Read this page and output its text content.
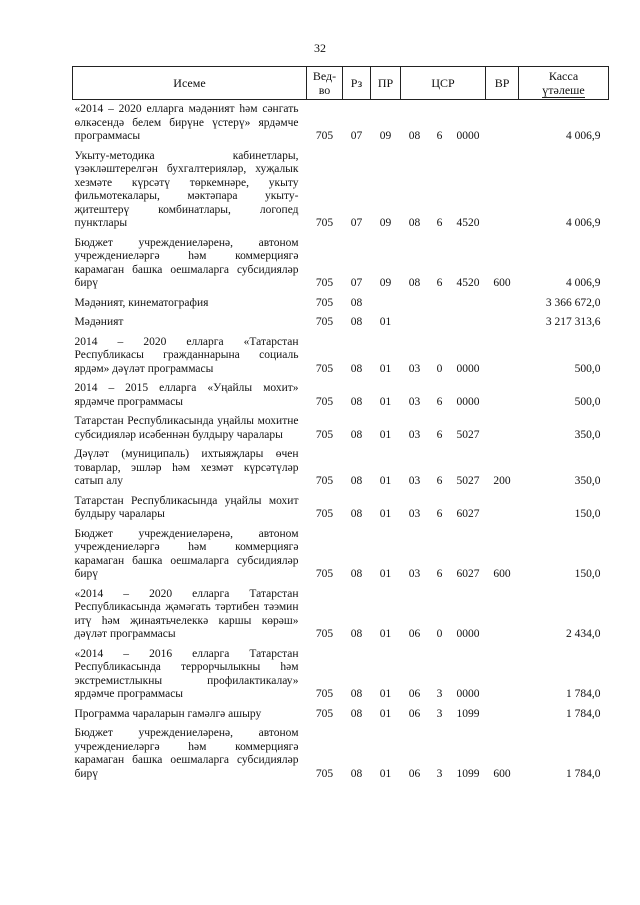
32
Исеме	Вед-во	Рз	ПР	ЦСР			ВР	Касса
үтәлеше

«2014 – 2020 елларга мәдәният һәм сәнгать өлкәсендә белем бирүне үстерү» ярдәмче программасы	705	07	09	08	6	0000		4 006,9

Укыту-методика кабинетлары, үзәкләштерелгән бухгалтерияләр, хуҗалык хезмәте күрсәтү төркемнәре, укыту фильмотекалары, мәктәпара укыту-җитештерү комбинатлары, логопед пунктлары	705	07	09	08	6	4520		4 006,9

Бюджет учреждениеләренә, автоном учреждениеләргә һәм коммерциягә карамаган башка оешмаларга субсидияләр бирү	705	07	09	08	6	4520	600	4 006,9

Мәдәният, кинематография	705	08						3 366 672,0

Мәдәният	705	08	01					3 217 313,6

2014 – 2020 елларга «Татарстан Республикасы гражданнарына социаль ярдәм» дәүләт программасы	705	08	01	03	0	0000		500,0

2014 – 2015 елларга «Уңайлы мохит» ярдәмче программасы	705	08	01	03	6	0000		500,0

Татарстан Республикасында уңайлы мохитне субсидияләр исәбеннән булдыру чаралары	705	08	01	03	6	5027		350,0

Дәүләт (муниципаль) ихтыяҗлары өчен товарлар, эшләр һәм хезмәт күрсәтүләр сатып алу	705	08	01	03	6	5027	200	350,0

Татарстан Республикасында уңайлы мохит булдыру чаралары	705	08	01	03	6	6027		150,0

Бюджет учреждениеләренә, автоном учреждениеләргә һәм коммерциягә карамаган башка оешмаларга субсидияләр бирү	705	08	01	03	6	6027	600	150,0

«2014 – 2020 елларга Татарстан Республикасында җәмәгать тәртибен тәэмин итү һәм җинаятьчелеккә каршы көрәш» дәүләт программасы	705	08	01	06	0	0000		2 434,0

«2014 – 2016 елларга Татарстан Республикасында террорчылыкны һәм экстремистлыкны профилактикалау» ярдәмче программасы	705	08	01	06	3	0000		1 784,0

Программа чараларын гамәлгә ашыру	705	08	01	06	3	1099		1 784,0

Бюджет учреждениеләренә, автоном учреждениеләргә һәм коммерциягә карамаган башка оешмаларга субсидияләр бирү	705	08	01	06	3	1099	600	1 784,0
